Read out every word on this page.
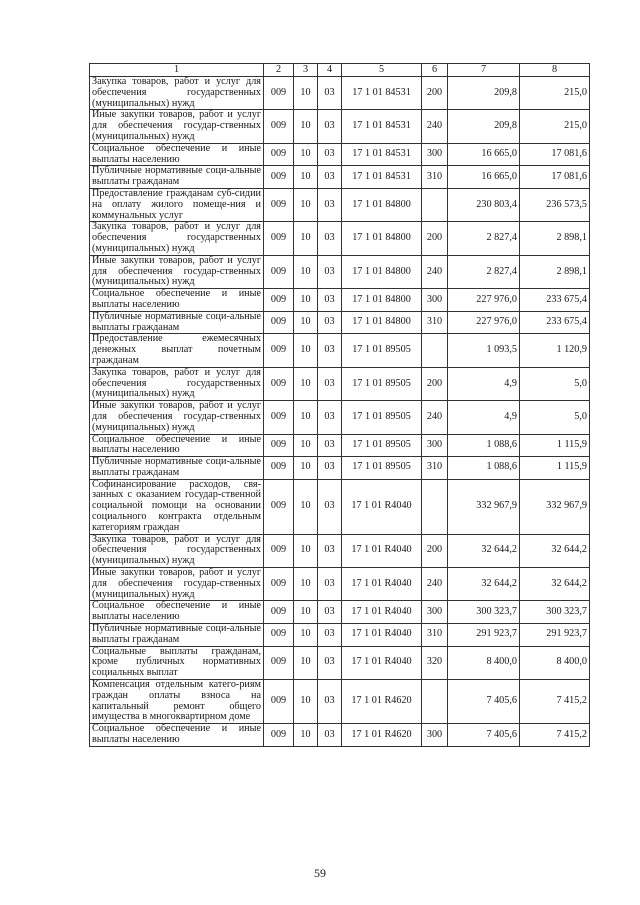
1	2	3	4	5	6	7	8
Закупка товаров, работ и услуг для обеспечения государственных (муниципальных) нужд	009	10	03	17 1 01 84531	200	209,8	215,0
Иные закупки товаров, работ и услуг для обеспечения государ-ственных (муниципальных) нужд	009	10	03	17 1 01 84531	240	209,8	215,0
Социальное обеспечение и иные выплаты населению	009	10	03	17 1 01 84531	300	16 665,0	17 081,6
Публичные нормативные соци-альные выплаты гражданам	009	10	03	17 1 01 84531	310	16 665,0	17 081,6
Предоставление гражданам суб-сидии на оплату жилого помеще-ния и коммунальных услуг	009	10	03	17 1 01 84800		230 803,4	236 573,5
Закупка товаров, работ и услуг для обеспечения государственных (муниципальных) нужд	009	10	03	17 1 01 84800	200	2 827,4	2 898,1
Иные закупки товаров, работ и услуг для обеспечения государ-ственных (муниципальных) нужд	009	10	03	17 1 01 84800	240	2 827,4	2 898,1
Социальное обеспечение и иные выплаты населению	009	10	03	17 1 01 84800	300	227 976,0	233 675,4
Публичные нормативные соци-альные выплаты гражданам	009	10	03	17 1 01 84800	310	227 976,0	233 675,4
Предоставление ежемесячных денежных выплат почетным гражданам	009	10	03	17 1 01 89505		1 093,5	1 120,9
Закупка товаров, работ и услуг для обеспечения государственных (муниципальных) нужд	009	10	03	17 1 01 89505	200	4,9	5,0
Иные закупки товаров, работ и услуг для обеспечения государ-ственных (муниципальных) нужд	009	10	03	17 1 01 89505	240	4,9	5,0
Социальное обеспечение и иные выплаты населению	009	10	03	17 1 01 89505	300	1 088,6	1 115,9
Публичные нормативные соци-альные выплаты гражданам	009	10	03	17 1 01 89505	310	1 088,6	1 115,9
Софинансирование расходов, свя-занных с оказанием государ-ственной социальной помощи на основании социального контракта отдельным категориям граждан	009	10	03	17 1 01 R4040		332 967,9	332 967,9
Закупка товаров, работ и услуг для обеспечения государственных (муниципальных) нужд	009	10	03	17 1 01 R4040	200	32 644,2	32 644,2
Иные закупки товаров, работ и услуг для обеспечения государ-ственных (муниципальных) нужд	009	10	03	17 1 01 R4040	240	32 644,2	32 644,2
Социальное обеспечение и иные выплаты населению	009	10	03	17 1 01 R4040	300	300 323,7	300 323,7
Публичные нормативные соци-альные выплаты гражданам	009	10	03	17 1 01 R4040	310	291 923,7	291 923,7
Социальные выплаты гражданам, кроме публичных нормативных социальных выплат	009	10	03	17 1 01 R4040	320	8 400,0	8 400,0
Компенсация отдельным катего-риям граждан оплаты взноса на капитальный ремонт общего имущества в многоквартирном доме	009	10	03	17 1 01 R4620		7 405,6	7 415,2
Социальное обеспечение и иные выплаты населению	009	10	03	17 1 01 R4620	300	7 405,6	7 415,2
59
